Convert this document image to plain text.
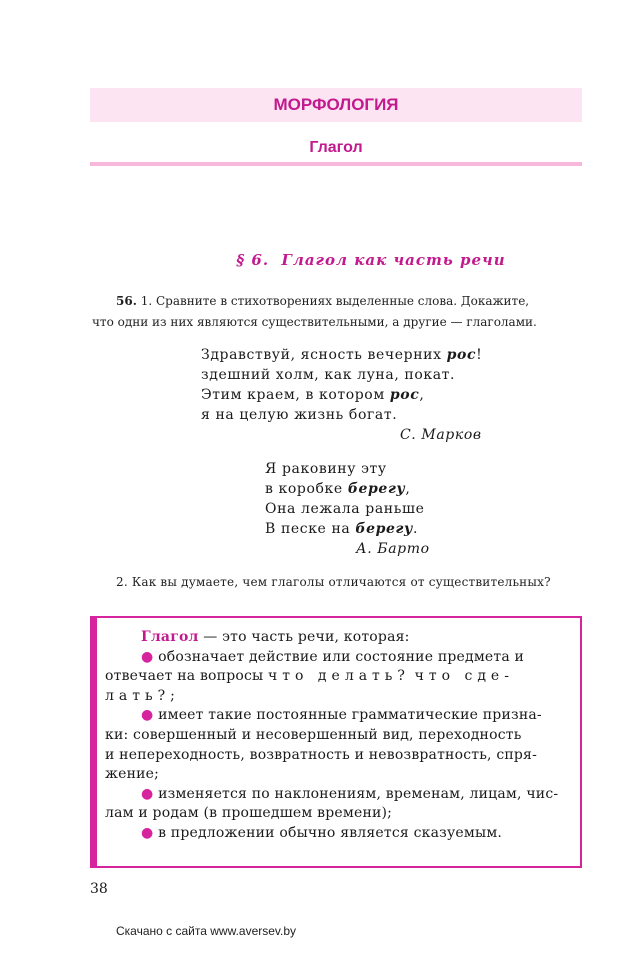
МОРФОЛОГИЯ
Глагол
§ 6. Глагол как часть речи
56. 1. Сравните в стихотворениях выделенные слова. Докажите,
что одни из них являются существительными, а другие — глаголами.
Здравствуй, ясность вечерних рос!
здешний холм, как луна, покат.
Этим краем, в котором рос,
я на целую жизнь богат.
С. Марков
Я раковину эту
в коробке берегу,
Она лежала раньше
В песке на берегу.
А. Барто
2. Как вы думаете, чем глаголы отличаются от существительных?
Глагол — это часть речи, которая:
● обозначает действие или состояние предмета и
отвечает на вопросы что делать? что сде-
лать?;
● имеет такие постоянные грамматические призна-
ки: совершенный и несовершенный вид, переходность
и непереходность, возвратность и невозвратность, спря-
жение;
● изменяется по наклонениям, временам, лицам, чис-
лам и родам (в прошедшем времени);
● в предложении обычно является сказуемым.
38
Скачано с сайта www.aversev.by
